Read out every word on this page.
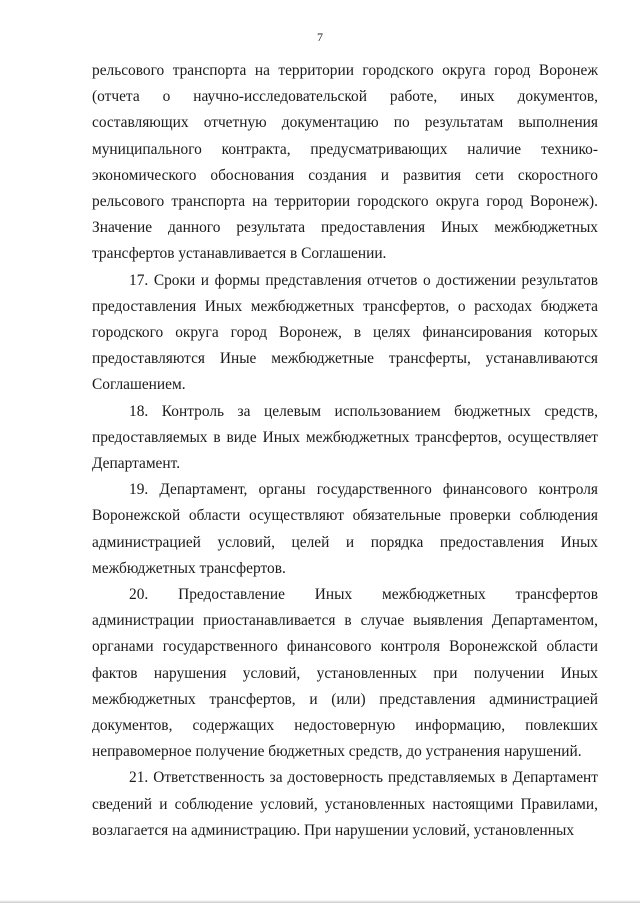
7

рельсового транспорта на территории городского округа город Воронеж (отчета о научно-исследовательской работе, иных документов, составляющих отчетную документацию по результатам выполнения муниципального контракта, предусматривающих наличие технико-экономического обоснования создания и развития сети скоростного рельсового транспорта на территории городского округа город Воронеж). Значение данного результата предоставления Иных межбюджетных трансфертов устанавливается в Соглашении.

17. Сроки и формы представления отчетов о достижении результатов предоставления Иных межбюджетных трансфертов, о расходах бюджета городского округа город Воронеж, в целях финансирования которых предоставляются Иные межбюджетные трансферты, устанавливаются Соглашением.

18. Контроль за целевым использованием бюджетных средств, предоставляемых в виде Иных межбюджетных трансфертов, осуществляет Департамент.

19. Департамент, органы государственного финансового контроля Воронежской области осуществляют обязательные проверки соблюдения администрацией условий, целей и порядка предоставления Иных межбюджетных трансфертов.

20. Предоставление Иных межбюджетных трансфертов администрации приостанавливается в случае выявления Департаментом, органами государственного финансового контроля Воронежской области фактов нарушения условий, установленных при получении Иных межбюджетных трансфертов, и (или) представления администрацией документов, содержащих недостоверную информацию, повлекших неправомерное получение бюджетных средств, до устранения нарушений.

21. Ответственность за достоверность представляемых в Департамент сведений и соблюдение условий, установленных настоящими Правилами, возлагается на администрацию. При нарушении условий, установленных
